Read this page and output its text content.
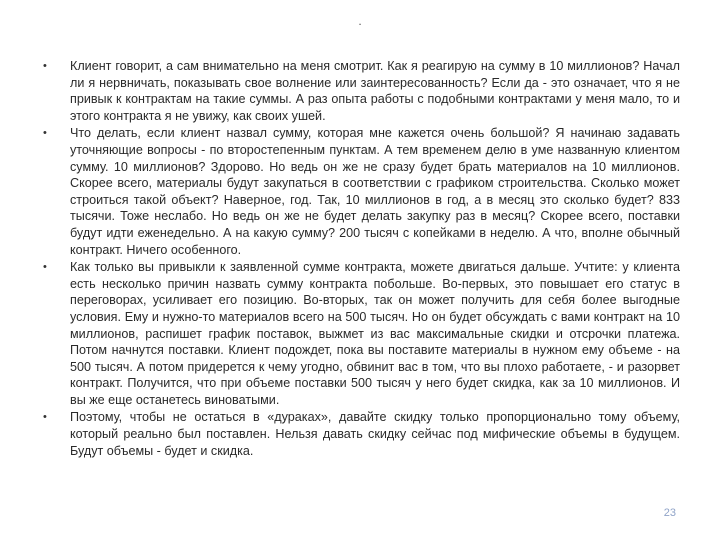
.
• Клиент говорит, а сам внимательно на меня смотрит. Как я реагирую на сумму в 10 миллионов? Начал ли я нервничать, показывать свое волнение или заинтересованность? Если да - это означает, что я не привык к контрактам на такие суммы. А раз опыта работы с подобными контрактами у меня мало, то и этого контракта я не увижу, как своих ушей.
• Что делать, если клиент назвал сумму, которая мне кажется очень большой? Я начинаю задавать уточняющие вопросы - по второстепенным пунктам. А тем временем делю в уме названную клиентом сумму. 10 миллионов? Здорово. Но ведь он же не сразу будет брать материалов на 10 миллионов. Скорее всего, материалы будут закупаться в соответствии с графиком строительства. Сколько может строиться такой объект? Наверное, год. Так, 10 миллионов в год, а в месяц это сколько будет? 833 тысячи. Тоже неслабо. Но ведь он же не будет делать закупку раз в месяц? Скорее всего, поставки будут идти еженедельно. А на какую сумму? 200 тысяч с копейками в неделю. А что, вполне обычный контракт. Ничего особенного.
• Как только вы привыкли к заявленной сумме контракта, можете двигаться дальше. Учтите: у клиента есть несколько причин назвать сумму контракта побольше. Во-первых, это повышает его статус в переговорах, усиливает его позицию. Во-вторых, так он может получить для себя более выгодные условия. Ему и нужно-то материалов всего на 500 тысяч. Но он будет обсуждать с вами контракт на 10 миллионов, распишет график поставок, выжмет из вас максимальные скидки и отсрочки платежа. Потом начнутся поставки. Клиент подождет, пока вы поставите материалы в нужном ему объеме - на 500 тысяч. А потом придерется к чему угодно, обвинит вас в том, что вы плохо работаете, - и разорвет контракт. Получится, что при объеме поставки 500 тысяч у него будет скидка, как за 10 миллионов. И вы же еще останетесь виноватыми.
• Поэтому, чтобы не остаться в «дураках», давайте скидку только пропорционально тому объему, который реально был поставлен. Нельзя давать скидку сейчас под мифические объемы в будущем. Будут объемы - будет и скидка.
23
